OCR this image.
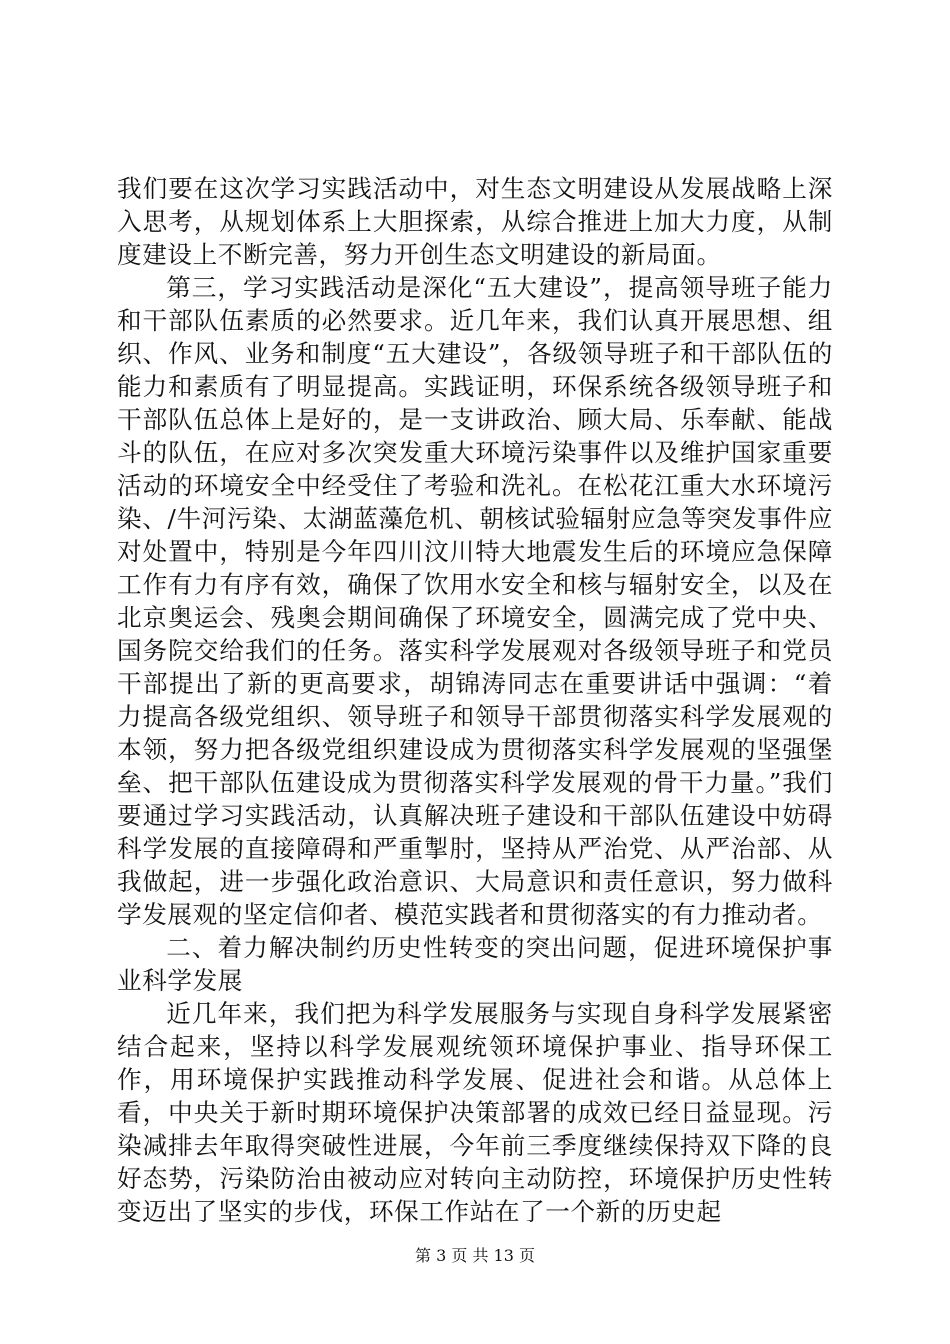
我们要在这次学习实践活动中，对生态文明建设从发展战略上深入思考，从规划体系上大胆探索，从综合推进上加大力度，从制度建设上不断完善，努力开创生态文明建设的新局面。

第三，学习实践活动是深化“五大建设”，提高领导班子能力和干部队伍素质的必然要求。近几年来，我们认真开展思想、组织、作风、业务和制度“五大建设”，各级领导班子和干部队伍的能力和素质有了明显提高。实践证明，环保系统各级领导班子和干部队伍总体上是好的，是一支讲政治、顾大局、乐奉献、能战斗的队伍，在应对多次突发重大环境污染事件以及维护国家重要活动的环境安全中经受住了考验和洗礼。在松花江重大水环境污染、/牛河污染、太湖蓝藻危机、朝核试验辐射应急等突发事件应对处置中，特别是今年四川汶川特大地震发生后的环境应急保障工作有力有序有效，确保了饮用水安全和核与辐射安全，以及在北京奥运会、残奥会期间确保了环境安全，圆满完成了党中央、国务院交给我们的任务。落实科学发展观对各级领导班子和党员干部提出了新的更高要求，胡锦涛同志在重要讲话中强调：“着力提高各级党组织、领导班子和领导干部贯彻落实科学发展观的本领，努力把各级党组织建设成为贯彻落实科学发展观的坚强堡垒、把干部队伍建设成为贯彻落实科学发展观的骨干力量。”我们要通过学习实践活动，认真解决班子建设和干部队伍建设中妨碍科学发展的直接障碍和严重掣肘，坚持从严治党、从严治部、从我做起，进一步强化政治意识、大局意识和责任意识，努力做科学发展观的坚定信仰者、模范实践者和贯彻落实的有力推动者。

二、着力解决制约历史性转变的突出问题，促进环境保护事业科学发展

近几年来，我们把为科学发展服务与实现自身科学发展紧密结合起来，坚持以科学发展观统领环境保护事业、指导环保工作，用环境保护实践推动科学发展、促进社会和谐。从总体上看，中央关于新时期环境保护决策部署的成效已经日益显现。污染减排去年取得突破性进展，今年前三季度继续保持双下降的良好态势，污染防治由被动应对转向主动防控，环境保护历史性转变迈出了坚实的步伐，环保工作站在了一个新的历史起

第 3 页 共 13 页
